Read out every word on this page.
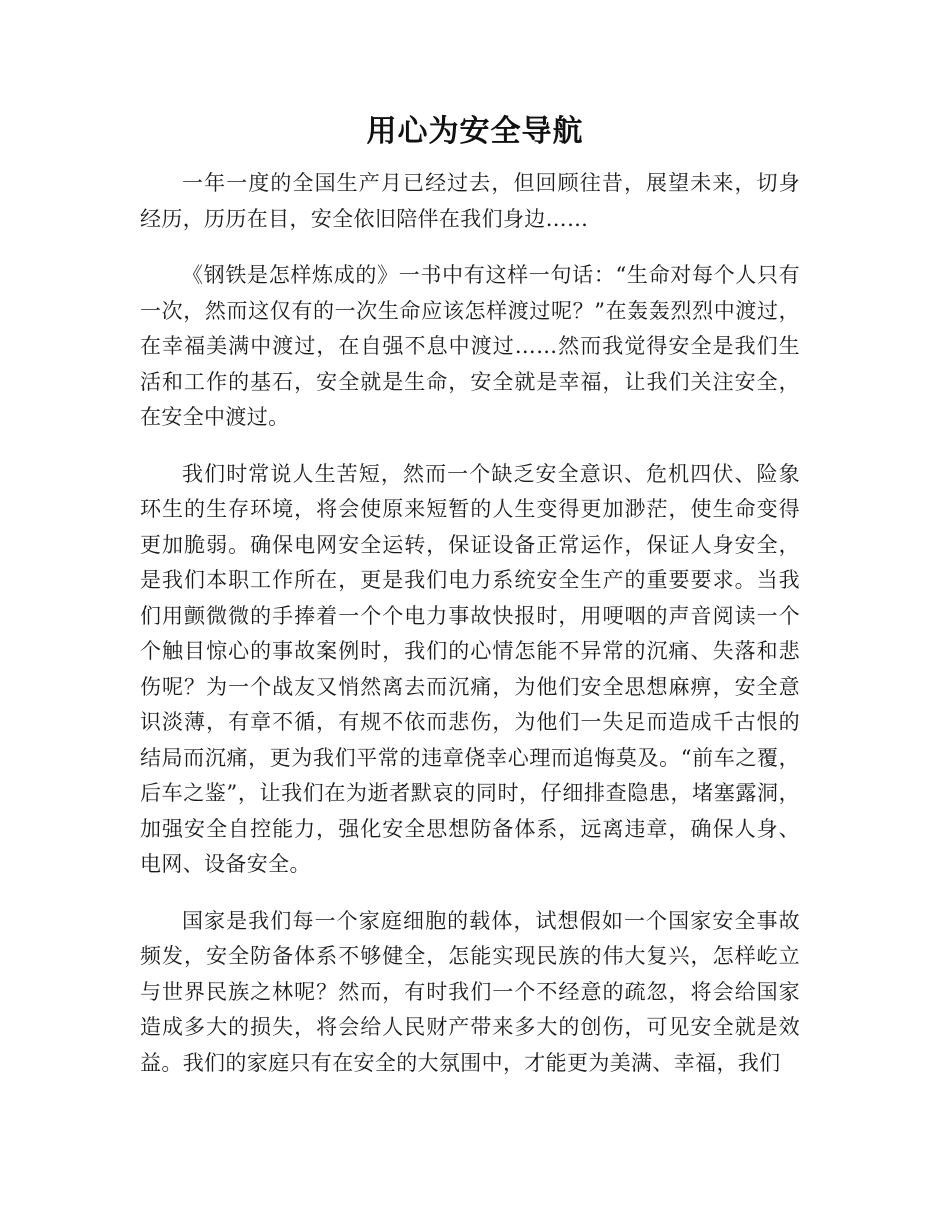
用心为安全导航

一年一度的全国生产月已经过去，但回顾往昔，展望未来，切身经历，历历在目，安全依旧陪伴在我们身边……

《钢铁是怎样炼成的》一书中有这样一句话：“生命对每个人只有一次，然而这仅有的一次生命应该怎样渡过呢？”在轰轰烈烈中渡过，在幸福美满中渡过，在自强不息中渡过……然而我觉得安全是我们生活和工作的基石，安全就是生命，安全就是幸福，让我们关注安全，在安全中渡过。

我们时常说人生苦短，然而一个缺乏安全意识、危机四伏、险象环生的生存环境，将会使原来短暂的人生变得更加渺茫，使生命变得更加脆弱。确保电网安全运转，保证设备正常运作，保证人身安全，是我们本职工作所在，更是我们电力系统安全生产的重要要求。当我们用颤微微的手捧着一个个电力事故快报时，用哽咽的声音阅读一个个触目惊心的事故案例时，我们的心情怎能不异常的沉痛、失落和悲伤呢？为一个战友又悄然离去而沉痛，为他们安全思想麻痹，安全意识淡薄，有章不循，有规不依而悲伤，为他们一失足而造成千古恨的结局而沉痛，更为我们平常的违章侥幸心理而追悔莫及。“前车之覆，后车之鉴”，让我们在为逝者默哀的同时，仔细排查隐患，堵塞露洞，加强安全自控能力，强化安全思想防备体系，远离违章，确保人身、电网、设备安全。

国家是我们每一个家庭细胞的载体，试想假如一个国家安全事故频发，安全防备体系不够健全，怎能实现民族的伟大复兴，怎样屹立与世界民族之林呢？然而，有时我们一个不经意的疏忽，将会给国家造成多大的损失，将会给人民财产带来多大的创伤，可见安全就是效益。我们的家庭只有在安全的大氛围中，才能更为美满、幸福，我们
